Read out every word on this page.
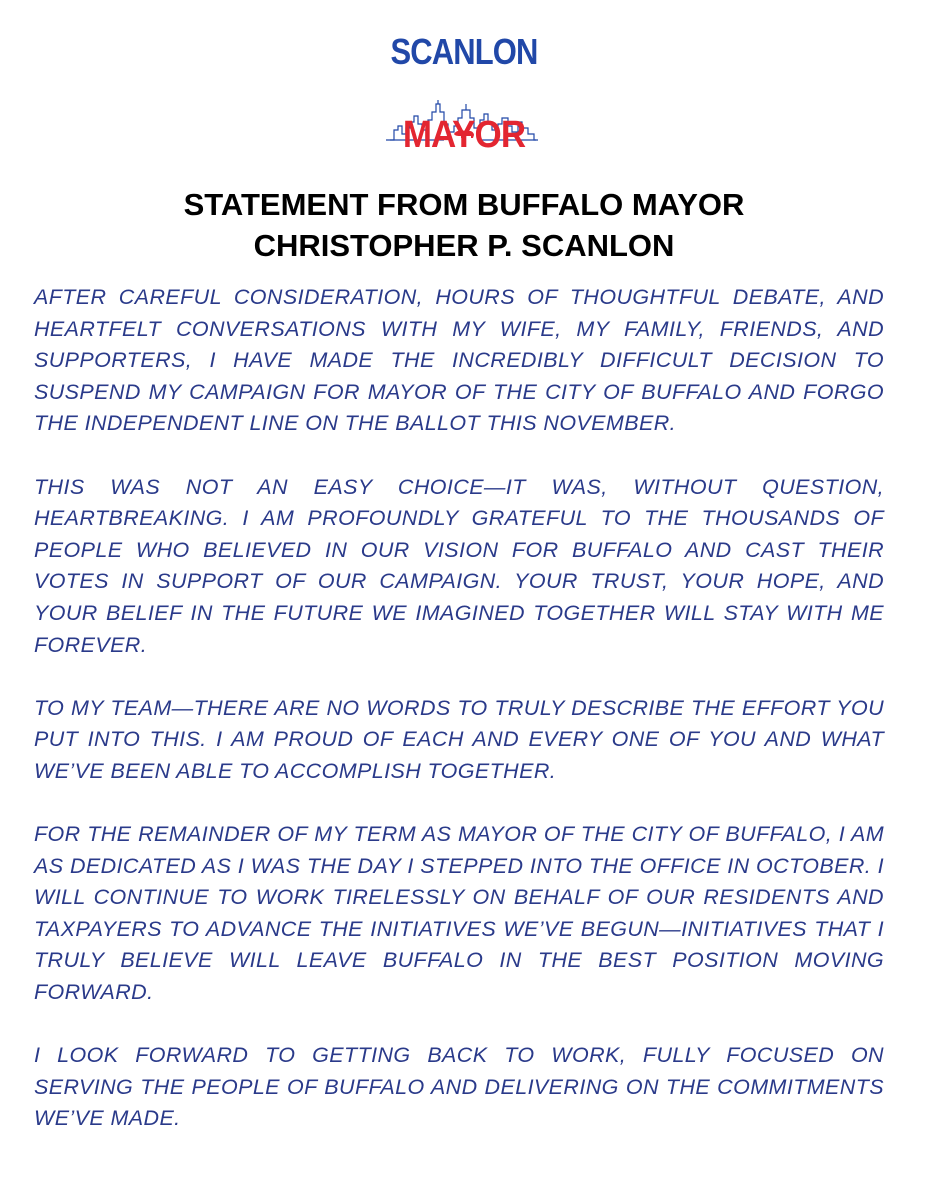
SCANLON
MAYOR
STATEMENT FROM BUFFALO MAYOR
CHRISTOPHER P. SCANLON

AFTER CAREFUL CONSIDERATION, HOURS OF THOUGHTFUL DEBATE, AND HEARTFELT CONVERSATIONS WITH MY WIFE, MY FAMILY, FRIENDS, AND SUPPORTERS, I HAVE MADE THE INCREDIBLY DIFFICULT DECISION TO SUSPEND MY CAMPAIGN FOR MAYOR OF THE CITY OF BUFFALO AND FORGO THE INDEPENDENT LINE ON THE BALLOT THIS NOVEMBER.

THIS WAS NOT AN EASY CHOICE—IT WAS, WITHOUT QUESTION, HEARTBREAKING. I AM PROFOUNDLY GRATEFUL TO THE THOUSANDS OF PEOPLE WHO BELIEVED IN OUR VISION FOR BUFFALO AND CAST THEIR VOTES IN SUPPORT OF OUR CAMPAIGN. YOUR TRUST, YOUR HOPE, AND YOUR BELIEF IN THE FUTURE WE IMAGINED TOGETHER WILL STAY WITH ME FOREVER.

TO MY TEAM—THERE ARE NO WORDS TO TRULY DESCRIBE THE EFFORT YOU PUT INTO THIS. I AM PROUD OF EACH AND EVERY ONE OF YOU AND WHAT WE’VE BEEN ABLE TO ACCOMPLISH TOGETHER.

FOR THE REMAINDER OF MY TERM AS MAYOR OF THE CITY OF BUFFALO, I AM AS DEDICATED AS I WAS THE DAY I STEPPED INTO THE OFFICE IN OCTOBER. I WILL CONTINUE TO WORK TIRELESSLY ON BEHALF OF OUR RESIDENTS AND TAXPAYERS TO ADVANCE THE INITIATIVES WE’VE BEGUN—INITIATIVES THAT I TRULY BELIEVE WILL LEAVE BUFFALO IN THE BEST POSITION MOVING FORWARD.

I LOOK FORWARD TO GETTING BACK TO WORK, FULLY FOCUSED ON SERVING THE PEOPLE OF BUFFALO AND DELIVERING ON THE COMMITMENTS WE’VE MADE.
